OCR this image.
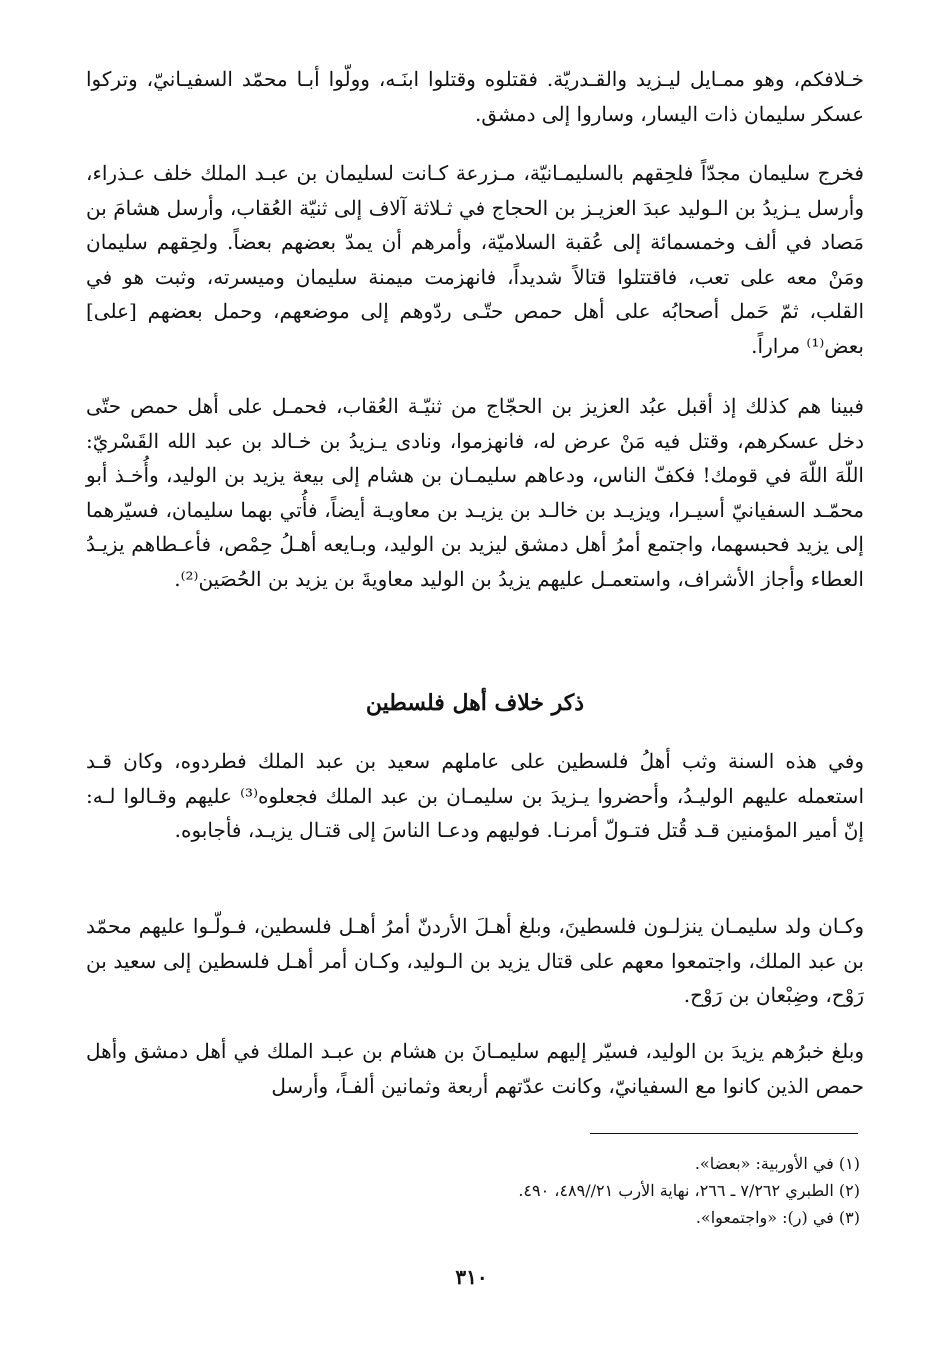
خـلافكم، وهو ممـايل ليـزيد والقـدريّة. فقتلوه وقتلوا ابنَـه، وولّوا أبـا محمّد السفيـانيّ، وتركوا عسكر سليمان ذات اليسار، وساروا إلى دمشق.

فخرج سليمان مجدّاً فلحِقهم بالسليمـانيّة، مـزرعة كـانت لسليمان بن عبـد الملك خلف عـذراء، وأرسل يـزيدُ بن الـوليد عبدَ العزيـز بن الحجاج في ثـلاثة آلاف إلى ثنيّة العُقاب، وأرسل هشامَ بن مَصاد في ألف وخمسمائة إلى عُقبة السلاميّة، وأمرهم أن يمدّ بعضهم بعضاً. ولحِقهم سليمان ومَنْ معه على تعب، فاقتتلوا قتالاً شديداً، فانهزمت ميمنة سليمان وميسرته، وثبت هو في القلب، ثمّ حَمل أصحابُه على أهل حمص حتّـى ردّوهم إلى موضعهم، وحمل بعضهم [على] بعض⁽¹⁾ مراراً.

فبينا هم كذلك إذ أقبل عبُد العزيز بن الحجّاج من ثنيّـة العُقاب، فحمـل على أهل حمص حتّى دخل عسكرهم، وقتل فيه مَنْ عرض له، فانهزموا، ونادى يـزيدُ بن خـالد بن عبد الله القَسْريّ: اللّهَ اللّهَ في قومك! فكفّ الناس، ودعاهم سليمـان بن هشام إلى بيعة يزيد بن الوليد، وأُخـذ أبو محمّـد السفيانيّ أسيـرا، ويزيـد بن خالـد بن يزيـد بن معاويـة أيضاً، فأُتي بهما سليمان، فسيّرهما إلى يزيد فحبسهما، واجتمع أمرُ أهل دمشق ليزيد بن الوليد، وبـايعه أهـلُ حِمْص، فأعـطاهم يزيـدُ العطاء وأجاز الأشراف، واستعمـل عليهم يزيدُ بن الوليد معاويةَ بن يزيد بن الحُصَين⁽²⁾.

ذكر خلاف أهل فلسطين

وفي هذه السنة وثب أهلُ فلسطين على عاملهم سعيد بن عبد الملك فطردوه، وكان قـد استعمله عليهم الوليـدُ، وأحضروا يـزيدَ بن سليمـان بن عبد الملك فجعلوه⁽³⁾ عليهم وقـالوا لـه: إنّ أمير المؤمنين قـد قُتل فتـولّ أمرنـا. فوليهم ودعـا الناسَ إلى قتـال يزيـد، فأجابوه.

وكـان ولد سليمـان ينزلـون فلسطينَ، وبلغ أهـلَ الأردنّ أمرُ أهـل فلسطين، فـولّـوا عليهم محمّد بن عبد الملك، واجتمعوا معهم على قتال يزيد بن الـوليد، وكـان أمر أهـل فلسطين إلى سعيد بن رَوْح، وضِبْعان بن رَوْح.

وبلغ خبرُهم يزيدَ بن الوليد، فسيّر إليهم سليمـانَ بن هشام بن عبـد الملك في أهل دمشق وأهل حمص الذين كانوا مع السفيانيّ، وكانت عدّتهم أربعة وثمانين ألفـاً، وأرسل

(١) في الأوربية: «بعضا».
(٢) الطبري ٧/٢٦٢ ـ ٢٦٦، نهاية الأرب ٢١//٤٨٩، ٤٩٠.
(٣) في (ر): «واجتمعوا».
٣١٠
